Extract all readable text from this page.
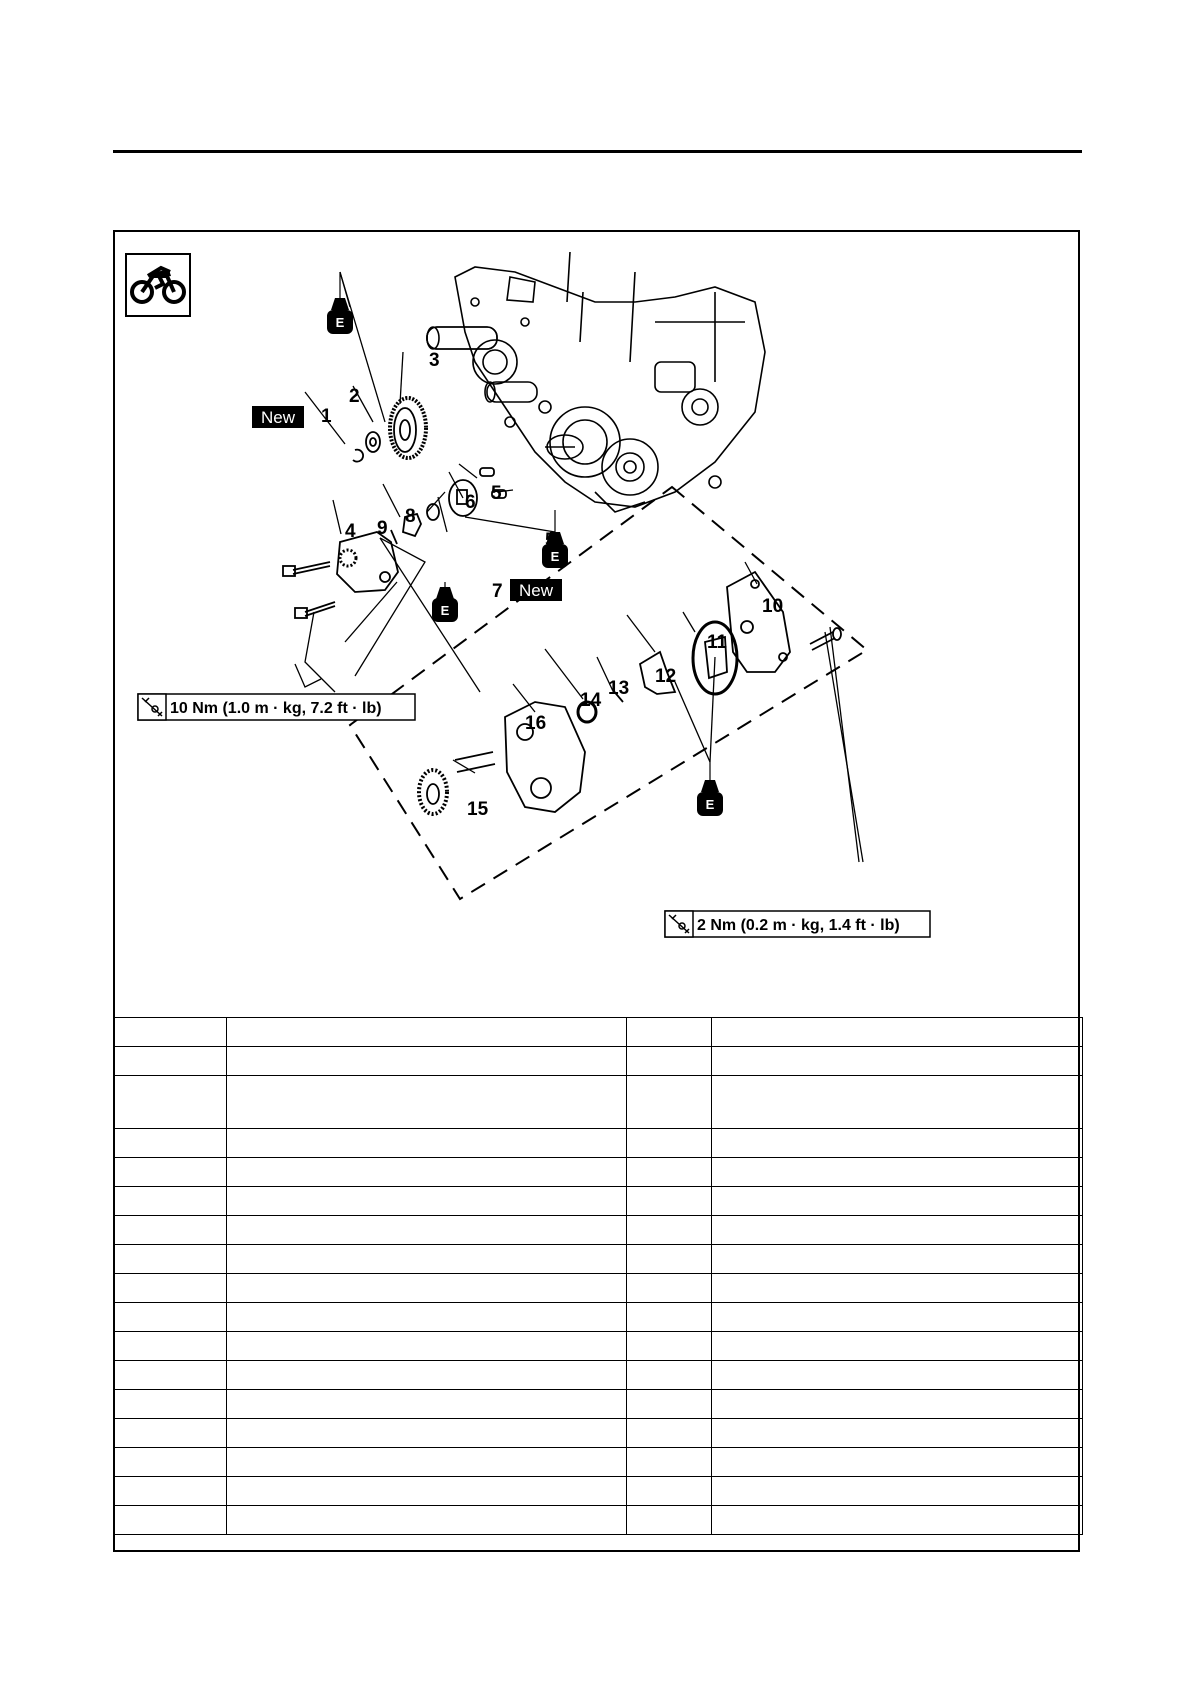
E
E
E
E
New
New
1
2
3
4
5
5
6
7
8
9
10
11
12
13
14
15
16
10 Nm (1.0 m · kg, 7.2 ft · lb)
2 Nm (0.2 m · kg, 1.4 ft · lb)
